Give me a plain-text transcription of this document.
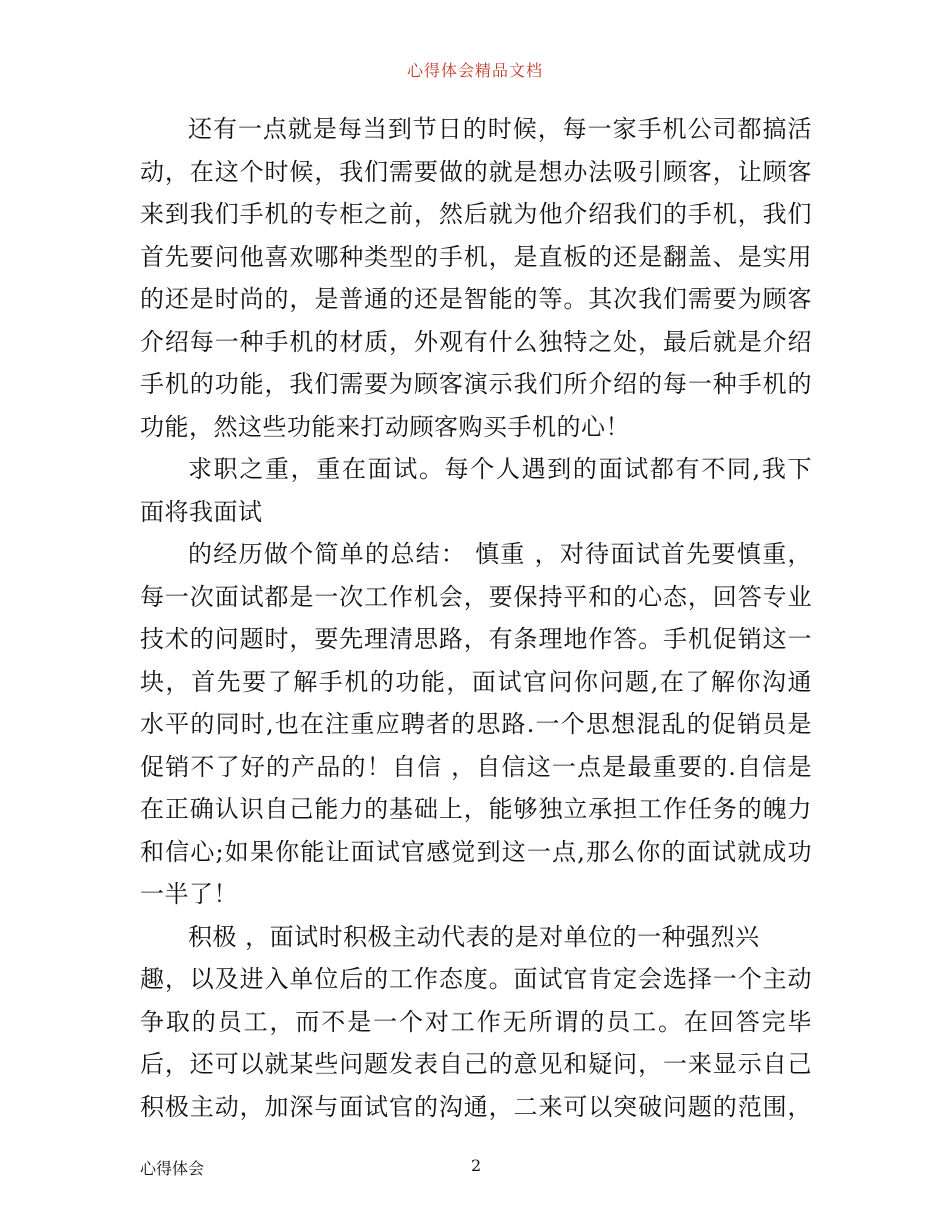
心得体会精品文档
还有一点就是每当到节日的时候，每一家手机公司都搞活
动，在这个时候，我们需要做的就是想办法吸引顾客，让顾客
来到我们手机的专柜之前，然后就为他介绍我们的手机，我们
首先要问他喜欢哪种类型的手机，是直板的还是翻盖、是实用
的还是时尚的，是普通的还是智能的等。其次我们需要为顾客
介绍每一种手机的材质，外观有什么独特之处，最后就是介绍
手机的功能，我们需要为顾客演示我们所介绍的每一种手机的
功能，然这些功能来打动顾客购买手机的心！
求职之重，重在面试。每个人遇到的面试都有不同,我下
面将我面试
的经历做个简单的总结： 慎重 ，对待面试首先要慎重，
每一次面试都是一次工作机会，要保持平和的心态，回答专业
技术的问题时，要先理清思路，有条理地作答。手机促销这一
块，首先要了解手机的功能，面试官问你问题,在了解你沟通
水平的同时,也在注重应聘者的思路.一个思想混乱的促销员是
促销不了好的产品的！自信 ，自信这一点是最重要的.自信是
在正确认识自己能力的基础上，能够独立承担工作任务的魄力
和信心;如果你能让面试官感觉到这一点,那么你的面试就成功
一半了！
积极 ，面试时积极主动代表的是对单位的一种强烈兴
趣，以及进入单位后的工作态度。面试官肯定会选择一个主动
争取的员工，而不是一个对工作无所谓的员工。在回答完毕
后，还可以就某些问题发表自己的意见和疑问，一来显示自己
积极主动，加深与面试官的沟通，二来可以突破问题的范围，
心得体会	2
